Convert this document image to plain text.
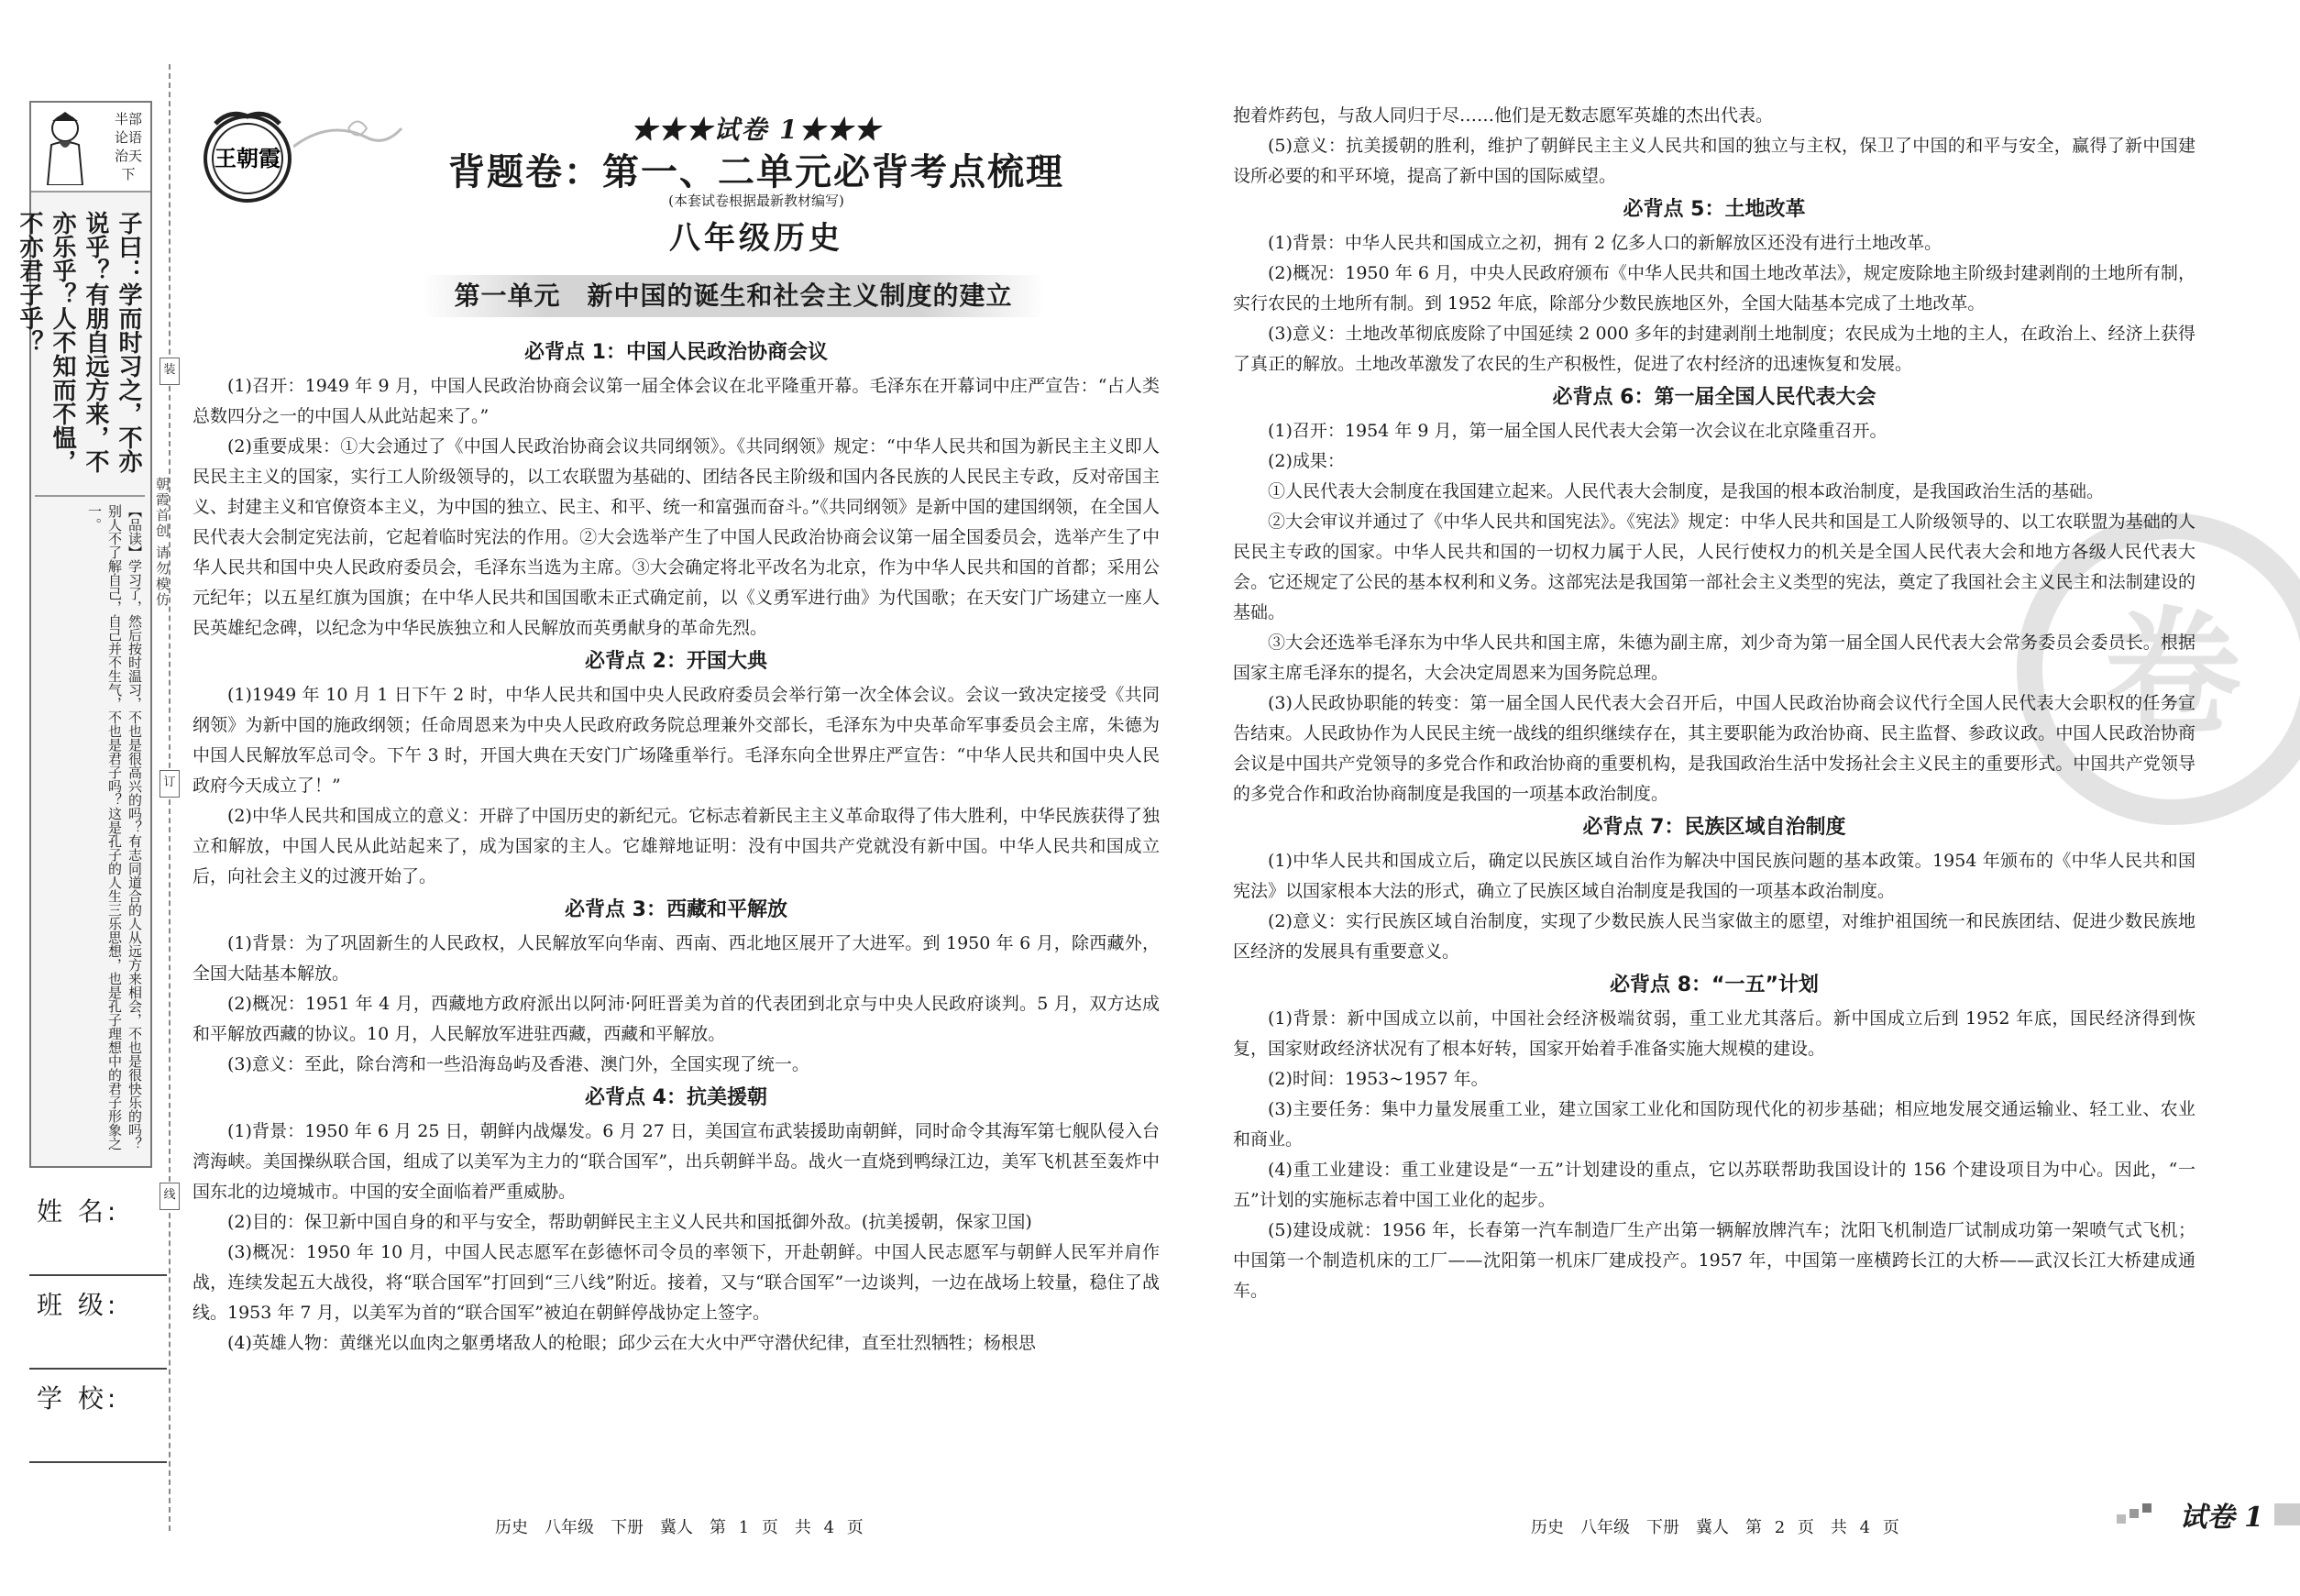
半部论语治天下
子曰：学而时习之，不亦说乎？有朋自远方来，不亦乐乎？人不知而不愠，不亦君子乎？
【品读】学习了，然后按时温习，不也是很高兴的吗？有志同道合的人从远方来相会，不也是很快乐的吗？别人不了解自己，自己并不生气，不也是君子吗？这是孔子的人生三乐思想，也是孔子理想中的君子形象之一。
姓 名:
班 级:
学 校:
装
订
线
朝霞首创 请勿模仿
王朝霞
★★★试卷 1★★★
背题卷：第一、二单元必背考点梳理
(本套试卷根据最新教材编写)
八年级历史
第一单元　新中国的诞生和社会主义制度的建立
必背点 1：中国人民政治协商会议

(1)召开：1949 年 9 月，中国人民政治协商会议第一届全体会议在北平隆重开幕。毛泽东在开幕词中庄严宣告：“占人类总数四分之一的中国人从此站起来了。”

(2)重要成果：①大会通过了《中国人民政治协商会议共同纲领》。《共同纲领》规定：“中华人民共和国为新民主主义即人民民主主义的国家，实行工人阶级领导的，以工农联盟为基础的、团结各民主阶级和国内各民族的人民民主专政，反对帝国主义、封建主义和官僚资本主义，为中国的独立、民主、和平、统一和富强而奋斗。”《共同纲领》是新中国的建国纲领，在全国人民代表大会制定宪法前，它起着临时宪法的作用。②大会选举产生了中国人民政治协商会议第一届全国委员会，选举产生了中华人民共和国中央人民政府委员会，毛泽东当选为主席。③大会确定将北平改名为北京，作为中华人民共和国的首都；采用公元纪年；以五星红旗为国旗；在中华人民共和国国歌未正式确定前，以《义勇军进行曲》为代国歌；在天安门广场建立一座人民英雄纪念碑，以纪念为中华民族独立和人民解放而英勇献身的革命先烈。

必背点 2：开国大典

(1)1949 年 10 月 1 日下午 2 时，中华人民共和国中央人民政府委员会举行第一次全体会议。会议一致决定接受《共同纲领》为新中国的施政纲领；任命周恩来为中央人民政府政务院总理兼外交部长，毛泽东为中央革命军事委员会主席，朱德为中国人民解放军总司令。下午 3 时，开国大典在天安门广场隆重举行。毛泽东向全世界庄严宣告：“中华人民共和国中央人民政府今天成立了！”

(2)中华人民共和国成立的意义：开辟了中国历史的新纪元。它标志着新民主主义革命取得了伟大胜利，中华民族获得了独立和解放，中国人民从此站起来了，成为国家的主人。它雄辩地证明：没有中国共产党就没有新中国。中华人民共和国成立后，向社会主义的过渡开始了。

必背点 3：西藏和平解放

(1)背景：为了巩固新生的人民政权，人民解放军向华南、西南、西北地区展开了大进军。到 1950 年 6 月，除西藏外，全国大陆基本解放。

(2)概况：1951 年 4 月，西藏地方政府派出以阿沛·阿旺晋美为首的代表团到北京与中央人民政府谈判。5 月，双方达成和平解放西藏的协议。10 月，人民解放军进驻西藏，西藏和平解放。

(3)意义：至此，除台湾和一些沿海岛屿及香港、澳门外，全国实现了统一。

必背点 4：抗美援朝

(1)背景：1950 年 6 月 25 日，朝鲜内战爆发。6 月 27 日，美国宣布武装援助南朝鲜，同时命令其海军第七舰队侵入台湾海峡。美国操纵联合国，组成了以美军为主力的“联合国军”，出兵朝鲜半岛。战火一直烧到鸭绿江边，美军飞机甚至轰炸中国东北的边境城市。中国的安全面临着严重威胁。

(2)目的：保卫新中国自身的和平与安全，帮助朝鲜民主主义人民共和国抵御外敌。(抗美援朝，保家卫国)

(3)概况：1950 年 10 月，中国人民志愿军在彭德怀司令员的率领下，开赴朝鲜。中国人民志愿军与朝鲜人民军并肩作战，连续发起五大战役，将“联合国军”打回到“三八线”附近。接着，又与“联合国军”一边谈判，一边在战场上较量，稳住了战线。1953 年 7 月，以美军为首的“联合国军”被迫在朝鲜停战协定上签字。

(4)英雄人物：黄继光以血肉之躯勇堵敌人的枪眼；邱少云在大火中严守潜伏纪律，直至壮烈牺牲；杨根思

卷

抱着炸药包，与敌人同归于尽……他们是无数志愿军英雄的杰出代表。

(5)意义：抗美援朝的胜利，维护了朝鲜民主主义人民共和国的独立与主权，保卫了中国的和平与安全，赢得了新中国建设所必要的和平环境，提高了新中国的国际威望。

必背点 5：土地改革

(1)背景：中华人民共和国成立之初，拥有 2 亿多人口的新解放区还没有进行土地改革。

(2)概况：1950 年 6 月，中央人民政府颁布《中华人民共和国土地改革法》，规定废除地主阶级封建剥削的土地所有制，实行农民的土地所有制。到 1952 年底，除部分少数民族地区外，全国大陆基本完成了土地改革。

(3)意义：土地改革彻底废除了中国延续 2 000 多年的封建剥削土地制度；农民成为土地的主人，在政治上、经济上获得了真正的解放。土地改革激发了农民的生产积极性，促进了农村经济的迅速恢复和发展。

必背点 6：第一届全国人民代表大会

(1)召开：1954 年 9 月，第一届全国人民代表大会第一次会议在北京隆重召开。

(2)成果：

①人民代表大会制度在我国建立起来。人民代表大会制度，是我国的根本政治制度，是我国政治生活的基础。

②大会审议并通过了《中华人民共和国宪法》。《宪法》规定：中华人民共和国是工人阶级领导的、以工农联盟为基础的人民民主专政的国家。中华人民共和国的一切权力属于人民，人民行使权力的机关是全国人民代表大会和地方各级人民代表大会。它还规定了公民的基本权利和义务。这部宪法是我国第一部社会主义类型的宪法，奠定了我国社会主义民主和法制建设的基础。

③大会还选举毛泽东为中华人民共和国主席，朱德为副主席，刘少奇为第一届全国人民代表大会常务委员会委员长。根据国家主席毛泽东的提名，大会决定周恩来为国务院总理。

(3)人民政协职能的转变：第一届全国人民代表大会召开后，中国人民政治协商会议代行全国人民代表大会职权的任务宣告结束。人民政协作为人民民主统一战线的组织继续存在，其主要职能为政治协商、民主监督、参政议政。中国人民政治协商会议是中国共产党领导的多党合作和政治协商的重要机构，是我国政治生活中发扬社会主义民主的重要形式。中国共产党领导的多党合作和政治协商制度是我国的一项基本政治制度。

必背点 7：民族区域自治制度

(1)中华人民共和国成立后，确定以民族区域自治作为解决中国民族问题的基本政策。1954 年颁布的《中华人民共和国宪法》以国家根本大法的形式，确立了民族区域自治制度是我国的一项基本政治制度。

(2)意义：实行民族区域自治制度，实现了少数民族人民当家做主的愿望，对维护祖国统一和民族团结、促进少数民族地区经济的发展具有重要意义。

必背点 8：“一五”计划

(1)背景：新中国成立以前，中国社会经济极端贫弱，重工业尤其落后。新中国成立后到 1952 年底，国民经济得到恢复，国家财政经济状况有了根本好转，国家开始着手准备实施大规模的建设。

(2)时间：1953~1957 年。

(3)主要任务：集中力量发展重工业，建立国家工业化和国防现代化的初步基础；相应地发展交通运输业、轻工业、农业和商业。

(4)重工业建设：重工业建设是“一五”计划建设的重点，它以苏联帮助我国设计的 156 个建设项目为中心。因此，“一五”计划的实施标志着中国工业化的起步。

(5)建设成就：1956 年，长春第一汽车制造厂生产出第一辆解放牌汽车；沈阳飞机制造厂试制成功第一架喷气式飞机；中国第一个制造机床的工厂——沈阳第一机床厂建成投产。1957 年，中国第一座横跨长江的大桥——武汉长江大桥建成通车。

历史　八年级　下册　冀人　第 1 页　共 4 页	历史　八年级　下册　冀人　第 2 页　共 4 页	试卷 1
